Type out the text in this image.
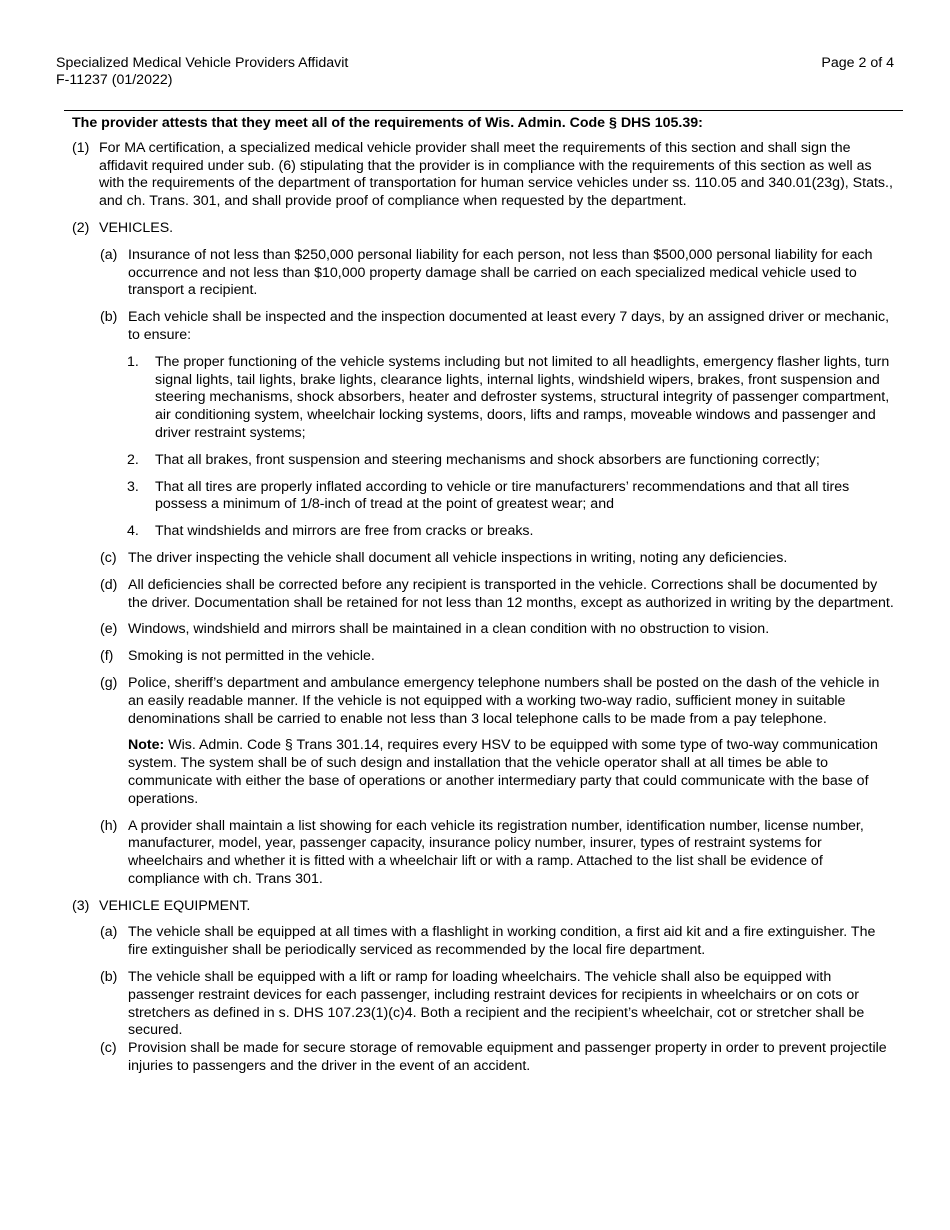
Specialized Medical Vehicle Providers Affidavit
F-11237 (01/2022)
Page 2 of 4
The provider attests that they meet all of the requirements of Wis. Admin. Code § DHS 105.39:
(1) For MA certification, a specialized medical vehicle provider shall meet the requirements of this section and shall sign the affidavit required under sub. (6) stipulating that the provider is in compliance with the requirements of this section as well as with the requirements of the department of transportation for human service vehicles under ss. 110.05 and 340.01(23g), Stats., and ch. Trans. 301, and shall provide proof of compliance when requested by the department.
(2) VEHICLES.
(a) Insurance of not less than $250,000 personal liability for each person, not less than $500,000 personal liability for each occurrence and not less than $10,000 property damage shall be carried on each specialized medical vehicle used to transport a recipient.
(b) Each vehicle shall be inspected and the inspection documented at least every 7 days, by an assigned driver or mechanic, to ensure:
1. The proper functioning of the vehicle systems including but not limited to all headlights, emergency flasher lights, turn signal lights, tail lights, brake lights, clearance lights, internal lights, windshield wipers, brakes, front suspension and steering mechanisms, shock absorbers, heater and defroster systems, structural integrity of passenger compartment, air conditioning system, wheelchair locking systems, doors, lifts and ramps, moveable windows and passenger and driver restraint systems;
2. That all brakes, front suspension and steering mechanisms and shock absorbers are functioning correctly;
3. That all tires are properly inflated according to vehicle or tire manufacturers’ recommendations and that all tires possess a minimum of 1/8-inch of tread at the point of greatest wear; and
4. That windshields and mirrors are free from cracks or breaks.
(c) The driver inspecting the vehicle shall document all vehicle inspections in writing, noting any deficiencies.
(d) All deficiencies shall be corrected before any recipient is transported in the vehicle. Corrections shall be documented by the driver. Documentation shall be retained for not less than 12 months, except as authorized in writing by the department.
(e) Windows, windshield and mirrors shall be maintained in a clean condition with no obstruction to vision.
(f) Smoking is not permitted in the vehicle.
(g) Police, sheriff’s department and ambulance emergency telephone numbers shall be posted on the dash of the vehicle in an easily readable manner. If the vehicle is not equipped with a working two-way radio, sufficient money in suitable denominations shall be carried to enable not less than 3 local telephone calls to be made from a pay telephone.
Note: Wis. Admin. Code § Trans 301.14, requires every HSV to be equipped with some type of two-way communication system. The system shall be of such design and installation that the vehicle operator shall at all times be able to communicate with either the base of operations or another intermediary party that could communicate with the base of operations.
(h) A provider shall maintain a list showing for each vehicle its registration number, identification number, license number, manufacturer, model, year, passenger capacity, insurance policy number, insurer, types of restraint systems for wheelchairs and whether it is fitted with a wheelchair lift or with a ramp. Attached to the list shall be evidence of compliance with ch. Trans 301.
(3) VEHICLE EQUIPMENT.
(a) The vehicle shall be equipped at all times with a flashlight in working condition, a first aid kit and a fire extinguisher. The fire extinguisher shall be periodically serviced as recommended by the local fire department.
(b) The vehicle shall be equipped with a lift or ramp for loading wheelchairs. The vehicle shall also be equipped with passenger restraint devices for each passenger, including restraint devices for recipients in wheelchairs or on cots or stretchers as defined in s. DHS 107.23(1)(c)4. Both a recipient and the recipient’s wheelchair, cot or stretcher shall be secured.
(c) Provision shall be made for secure storage of removable equipment and passenger property in order to prevent projectile injuries to passengers and the driver in the event of an accident.
